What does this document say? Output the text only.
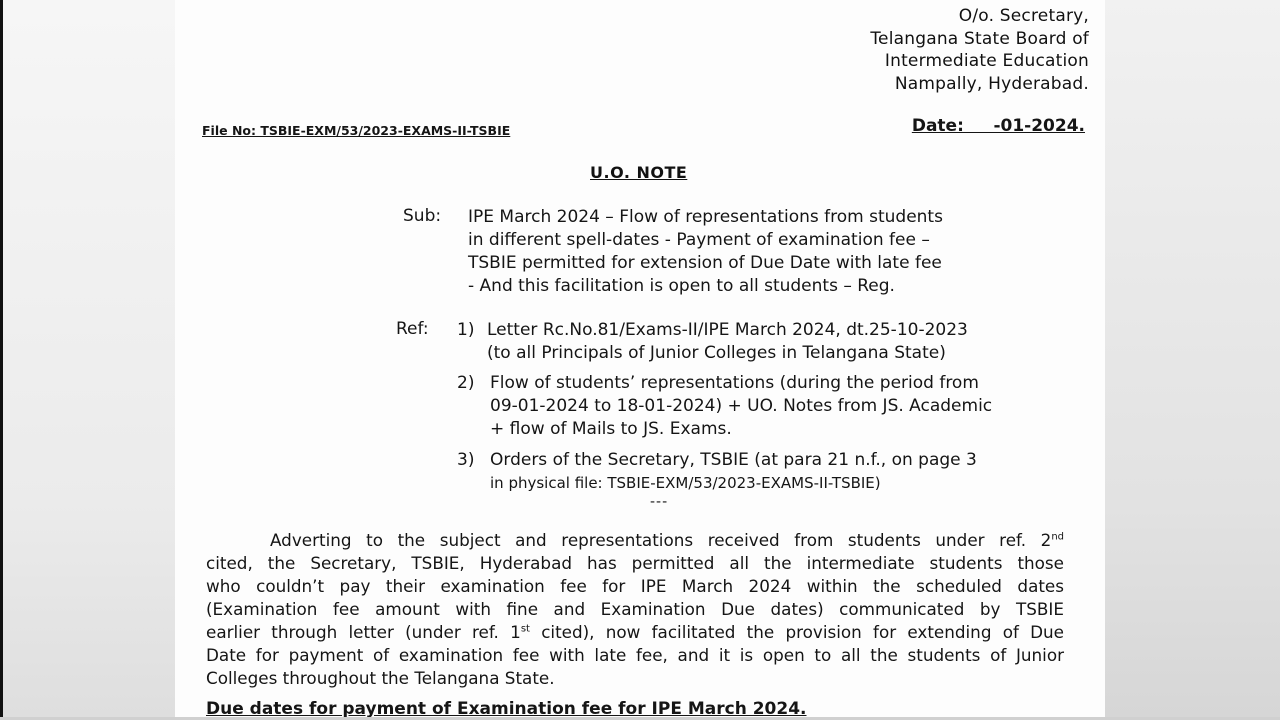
O/o. Secretary,
Telangana State Board of
Intermediate Education
Nampally, Hyderabad.
File No: TSBIE-EXM/53/2023-EXAMS-II-TSBIE	Date:     -01-2024.
U.O. NOTE
Sub: IPE March 2024 – Flow of representations from students
in different spell-dates - Payment of examination fee –
TSBIE permitted for extension of Due Date with late fee
- And this facilitation is open to all students – Reg.
Ref: 1) Letter Rc.No.81/Exams-II/IPE March 2024, dt.25-10-2023
(to all Principals of Junior Colleges in Telangana State)
2) Flow of students’ representations (during the period from
09-01-2024 to 18-01-2024) + UO. Notes from JS. Academic
+ flow of Mails to JS. Exams.
3) Orders of the Secretary, TSBIE (at para 21 n.f., on page 3
in physical file: TSBIE-EXM/53/2023-EXAMS-II-TSBIE)
---
Adverting to the subject and representations received from students under ref. 2nd
cited, the Secretary, TSBIE, Hyderabad has permitted all the intermediate students those
who couldn’t pay their examination fee for IPE March 2024 within the scheduled dates
(Examination fee amount with fine and Examination Due dates) communicated by TSBIE
earlier through letter (under ref. 1st cited), now facilitated the provision for extending of Due
Date for payment of examination fee with late fee, and it is open to all the students of Junior
Colleges throughout the Telangana State.
Due dates for payment of Examination fee for IPE March 2024.
